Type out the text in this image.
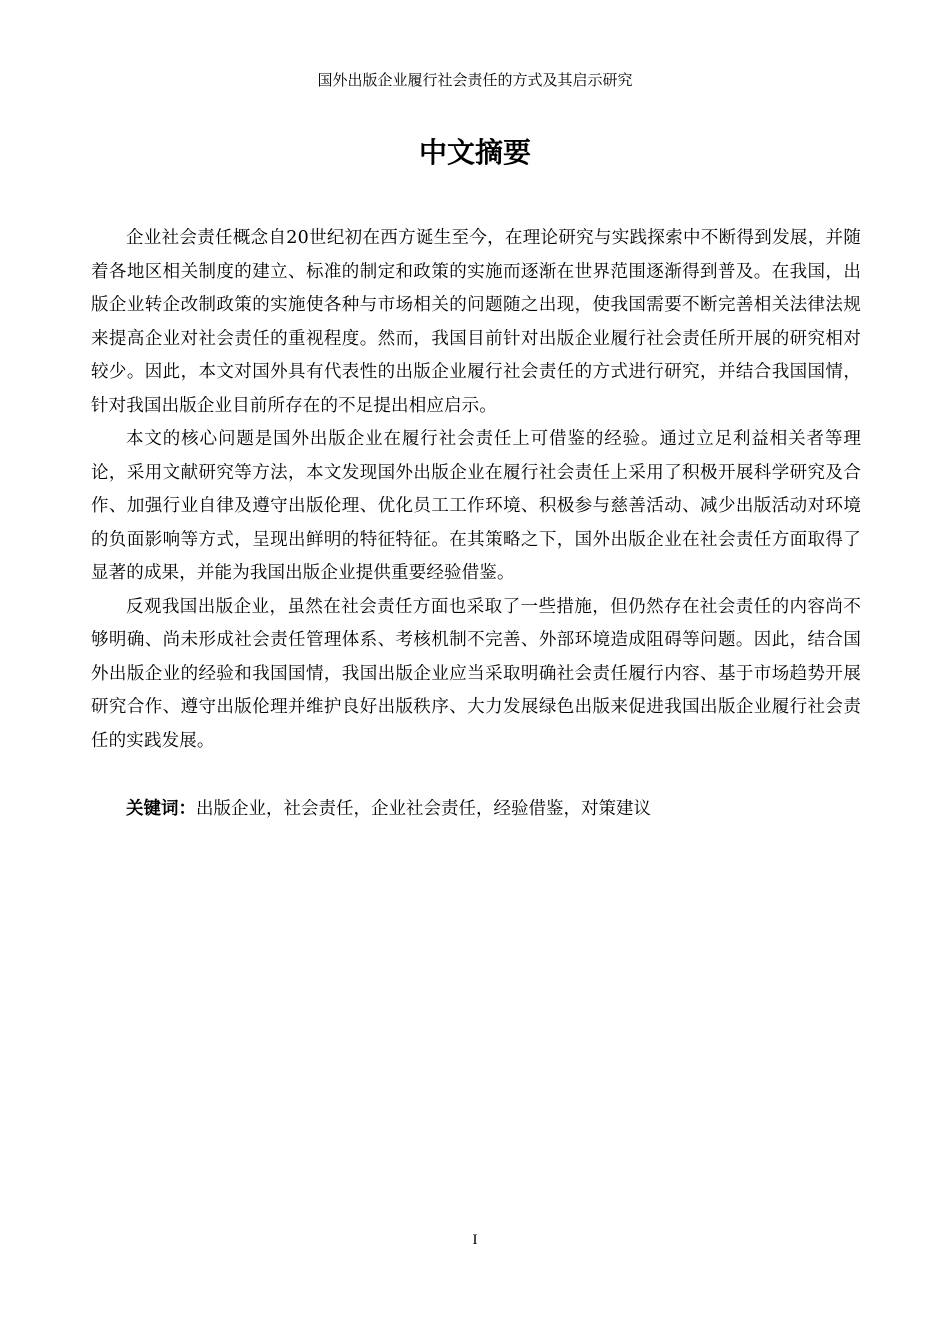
国外出版企业履行社会责任的方式及其启示研究
中文摘要

企业社会责任概念自20世纪初在西方诞生至今，在理论研究与实践探索中不断得到发展，并随着各地区相关制度的建立、标准的制定和政策的实施而逐渐在世界范围逐渐得到普及。在我国，出版企业转企改制政策的实施使各种与市场相关的问题随之出现，使我国需要不断完善相关法律法规来提高企业对社会责任的重视程度。然而，我国目前针对出版企业履行社会责任所开展的研究相对较少。因此，本文对国外具有代表性的出版企业履行社会责任的方式进行研究，并结合我国国情，针对我国出版企业目前所存在的不足提出相应启示。

本文的核心问题是国外出版企业在履行社会责任上可借鉴的经验。通过立足利益相关者等理论，采用文献研究等方法，本文发现国外出版企业在履行社会责任上采用了积极开展科学研究及合作、加强行业自律及遵守出版伦理、优化员工工作环境、积极参与慈善活动、减少出版活动对环境的负面影响等方式，呈现出鲜明的特征特征。在其策略之下，国外出版企业在社会责任方面取得了显著的成果，并能为我国出版企业提供重要经验借鉴。

反观我国出版企业，虽然在社会责任方面也采取了一些措施，但仍然存在社会责任的内容尚不够明确、尚未形成社会责任管理体系、考核机制不完善、外部环境造成阻碍等问题。因此，结合国外出版企业的经验和我国国情，我国出版企业应当采取明确社会责任履行内容、基于市场趋势开展研究合作、遵守出版伦理并维护良好出版秩序、大力发展绿色出版来促进我国出版企业履行社会责任的实践发展。

关键词：出版企业，社会责任，企业社会责任，经验借鉴，对策建议

I
